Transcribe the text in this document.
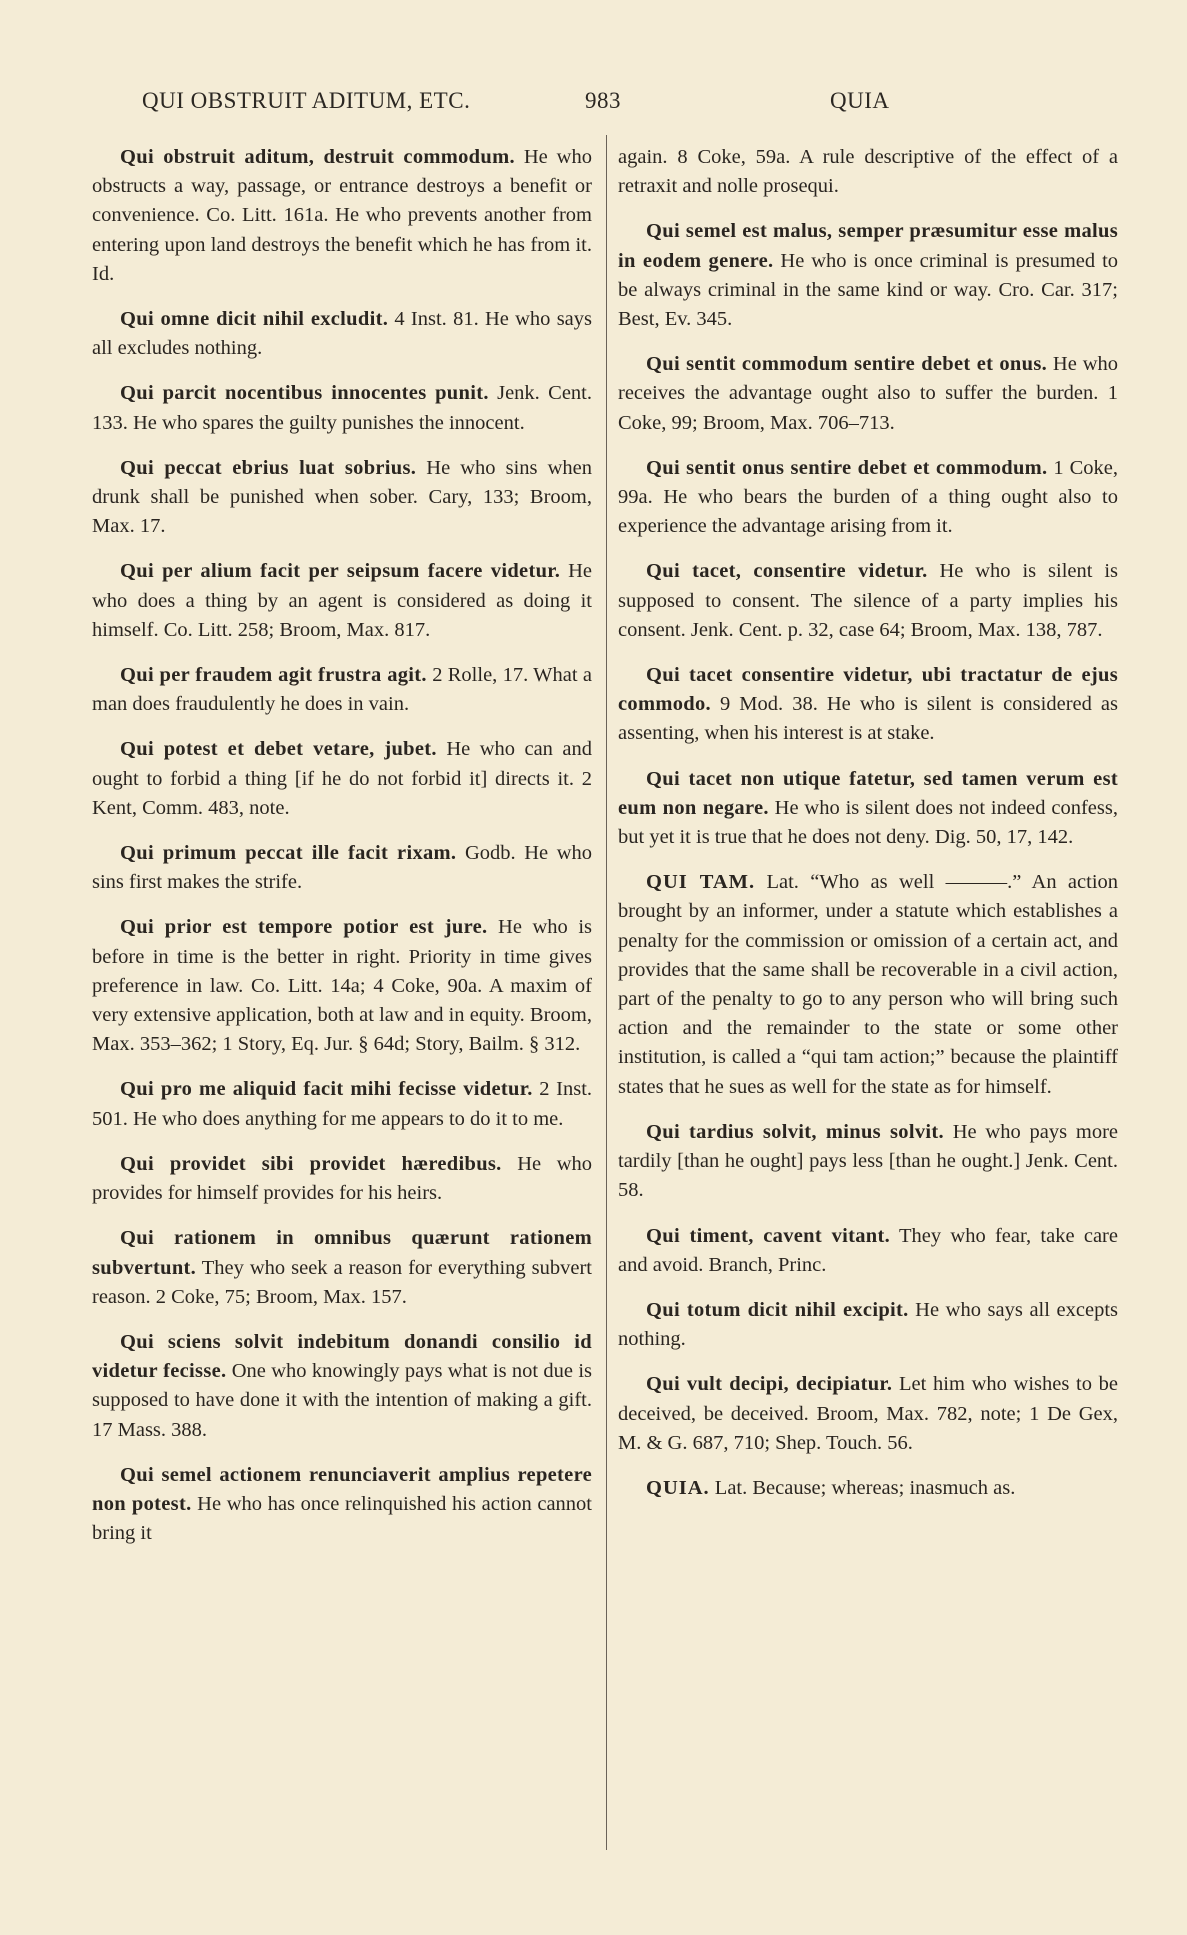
QUI OBSTRUIT ADITUM, ETC.	983	QUIA

Qui obstruit aditum, destruit commodum. He who obstructs a way, passage, or entrance destroys a benefit or convenience. Co. Litt. 161a. He who prevents another from entering upon land destroys the benefit which he has from it. Id.

Qui omne dicit nihil excludit. 4 Inst. 81. He who says all excludes nothing.

Qui parcit nocentibus innocentes punit. Jenk. Cent. 133. He who spares the guilty punishes the innocent.

Qui peccat ebrius luat sobrius. He who sins when drunk shall be punished when sober. Cary, 133; Broom, Max. 17.

Qui per alium facit per seipsum facere videtur. He who does a thing by an agent is considered as doing it himself. Co. Litt. 258; Broom, Max. 817.

Qui per fraudem agit frustra agit. 2 Rolle, 17. What a man does fraudulently he does in vain.

Qui potest et debet vetare, jubet. He who can and ought to forbid a thing [if he do not forbid it] directs it. 2 Kent, Comm. 483, note.

Qui primum peccat ille facit rixam. Godb. He who sins first makes the strife.

Qui prior est tempore potior est jure. He who is before in time is the better in right. Priority in time gives preference in law. Co. Litt. 14a; 4 Coke, 90a. A maxim of very extensive application, both at law and in equity. Broom, Max. 353–362; 1 Story, Eq. Jur. § 64d; Story, Bailm. § 312.

Qui pro me aliquid facit mihi fecisse videtur. 2 Inst. 501. He who does anything for me appears to do it to me.

Qui providet sibi providet hæredibus. He who provides for himself provides for his heirs.

Qui rationem in omnibus quærunt rationem subvertunt. They who seek a reason for everything subvert reason. 2 Coke, 75; Broom, Max. 157.

Qui sciens solvit indebitum donandi consilio id videtur fecisse. One who knowingly pays what is not due is supposed to have done it with the intention of making a gift. 17 Mass. 388.

Qui semel actionem renunciaverit amplius repetere non potest. He who has once relinquished his action cannot bring it

again. 8 Coke, 59a. A rule descriptive of the effect of a retraxit and nolle prosequi.

Qui semel est malus, semper præsumitur esse malus in eodem genere. He who is once criminal is presumed to be always criminal in the same kind or way. Cro. Car. 317; Best, Ev. 345.

Qui sentit commodum sentire debet et onus. He who receives the advantage ought also to suffer the burden. 1 Coke, 99; Broom, Max. 706–713.

Qui sentit onus sentire debet et commodum. 1 Coke, 99a. He who bears the burden of a thing ought also to experience the advantage arising from it.

Qui tacet, consentire videtur. He who is silent is supposed to consent. The silence of a party implies his consent. Jenk. Cent. p. 32, case 64; Broom, Max. 138, 787.

Qui tacet consentire videtur, ubi tractatur de ejus commodo. 9 Mod. 38. He who is silent is considered as assenting, when his interest is at stake.

Qui tacet non utique fatetur, sed tamen verum est eum non negare. He who is silent does not indeed confess, but yet it is true that he does not deny. Dig. 50, 17, 142.

QUI TAM. Lat. “Who as well ———.” An action brought by an informer, under a statute which establishes a penalty for the commission or omission of a certain act, and provides that the same shall be recoverable in a civil action, part of the penalty to go to any person who will bring such action and the remainder to the state or some other institution, is called a “qui tam action;” because the plaintiff states that he sues as well for the state as for himself.

Qui tardius solvit, minus solvit. He who pays more tardily [than he ought] pays less [than he ought.] Jenk. Cent. 58.

Qui timent, cavent vitant. They who fear, take care and avoid. Branch, Princ.

Qui totum dicit nihil excipit. He who says all excepts nothing.

Qui vult decipi, decipiatur. Let him who wishes to be deceived, be deceived. Broom, Max. 782, note; 1 De Gex, M. & G. 687, 710; Shep. Touch. 56.

QUIA. Lat. Because; whereas; inasmuch as.
